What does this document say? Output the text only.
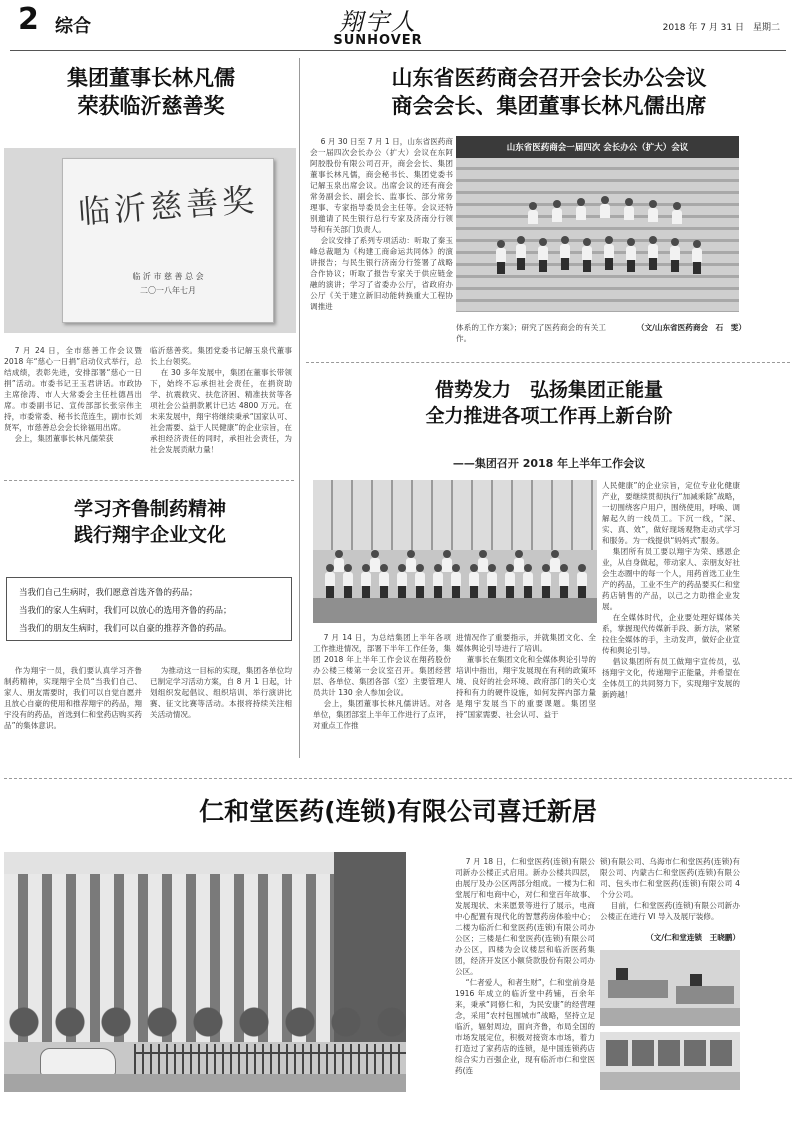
2 综合	翔宇人
SUNHOVER
2018 年 7 月 31 日　星期二
集团董事长林凡儒
荣获临沂慈善奖
临沂慈善奖
临 沂 市 慈 善 总 会
二〇一八年七月

7 月 24 日，全市慈善工作会议暨 2018 年“慈心一日捐”启动仪式举行，总结成绩，表彰先进，安排部署“慈心一日捐”活动。市委书记王玉君讲话。市政协主席徐涛、市人大常委会主任杜德昌出席。市委副书记、宣传部部长张宗伟主持，市委常委、秘书长范连生，副市长刘贤军，市慈善总会会长徐福用出席。

会上，集团董事长林凡儒荣获

临沂慈善奖。集团党委书记解玉泉代董事长上台领奖。

在 30 多年发展中，集团在董事长带领下，始终不忘承担社会责任，在捐资助学、抗震救灾、扶危济困、精准扶贫等各项社会公益捐款累计已达 4800 万元。在未来发展中，翔宇将继续秉承“国家认可、社会需要、益于人民健康”的企业宗旨，在承担经济责任的同时，承担社会责任，为社会发展贡献力量！

学习齐鲁制药精神
践行翔宇企业文化
当我们自己生病时，我们愿意首选齐鲁的药品；
当我们的家人生病时，我们可以放心的选用齐鲁的药品；
当我们的朋友生病时，我们可以自豪的推荐齐鲁的药品。

作为翔宇一员，我们要认真学习齐鲁制药精神，实现翔宇全员“当我们自己、家人、朋友需要时，我们可以自觉自愿并且放心自豪的使用和推荐翔宇的药品，翔宇没有的药品，首选到仁和堂药店购买药品”的集体意识。

为推动这一目标的实现，集团各单位均已制定学习活动方案，自 8 月 1 日起，计划组织发起倡议、组织培训、举行演讲比赛、征文比赛等活动。本报将持续关注相关活动情况。

山东省医药商会召开会长办公会议
商会会长、集团董事长林凡儒出席

6 月 30 日至 7 月 1 日，山东省医药商会一届四次会长办公（扩大）会议在东阿阿胶股份有限公司召开，商会会长、集团董事长林凡儒，商会秘书长、集团党委书记解玉泉出席会议。出席会议的还有商会常务副会长、副会长、监事长、部分常务理事、专家指导委员会主任等。会议还特别邀请了民生银行总行专家及济南分行领导和有关部门负责人。

会议安排了系列专项活动：听取了秦玉峰总裁题为《构建工商命运共同体》的演讲报告；与民生银行济南分行签署了战略合作协议；听取了报告专家关于供应链金融的演讲；学习了省委办公厅，省政府办公厅《关于建立新旧动能转换重大工程协调推进

山东省医药商会一届四次 会长办公（扩大）会议

体系的工作方案》；研究了医药商会的有关工作。

（文/山东省医药商会　石　雯）
借势发力　弘扬集团正能量
全力推进各项工作再上新台阶
——集团召开 2018 年上半年工作会议

人民健康”的企业宗旨，定位专业化健康产业，要继续贯彻执行“加减乘除”战略，一切围绕客户用户，围绕使用，呼唤、调解起久的一线员工。下沉一线，“深、实、真、效”，做好现场观物走动式学习和服务。为一线提供“妈妈式”服务。

集团所有员工要以翔宇为荣、感恩企业，从自身做起，带动家人、亲朋友好社会生态圈中的每一个人，用药首选工业生产的药品，工业不生产的药品要买仁和堂药店销售的产品，以己之力助推企业发展。

在全媒体时代，企业要处理好媒体关系，掌握现代传媒新手段、新方法，紧紧拉住全媒体的手，主动发声，做好企业宣传和舆论引导。

倡议集团所有员工做翔宇宣传员，弘扬翔宇文化，传递翔宇正能量，并希望在全体员工的共同努力下，实现翔宇发展的新跨越！

7 月 14 日，为总结集团上半年各项工作推进情况，部署下半年工作任务，集团 2018 年上半年工作会议在翔药股份办公楼三楼第一会议室召开。集团经营层、各单位、集团各部（室）主要管理人员共计 130 余人参加会议。

会上，集团董事长林凡儒讲话。对各单位，集团部室上半年工作进行了点评，对重点工作推

进情况作了重要指示，并就集团文化、全媒体舆论引导进行了培训。

董事长在集团文化和全媒体舆论引导的培训中指出，翔宇发展现在有利的政策环境、良好的社会环境、政府部门的关心支持和有力的硬件设施，如何发挥内部力量是翔宇发展当下的重要课题。集团坚持“国家需要、社会认可、益于

仁和堂医药(连锁)有限公司喜迁新居

7 月 18 日，仁和堂医药(连锁)有限公司新办公楼正式启用。新办公楼共四层，由展厅及办公区两部分组成。一楼为仁和堂展厅和电商中心，对仁和堂百年故事、发展现状、未来愿景等进行了展示，电商中心配置有现代化的智慧药房体验中心；二楼为临沂仁和堂医药(连锁)有限公司办公区；三楼是仁和堂医药(连锁)有限公司办公区，四楼为会议楼层和临沂医药集团，经济开发区小额贷款股份有限公司办公区。

“仁者爱人，和者生财”，仁和堂前身是 1916 年成立的临沂堂中药铺，百余年来，秉承“同修仁和，为民安康”的经营理念，采用“农村包围城市”战略，坚持立足临沂，辐射周边，面向齐鲁，布局全国的市场发展定位，积极对接资本市场，着力打造过了家药店的连锁，是中国连锁药店综合实力百强企业，现有临沂市仁和堂医药(连

锁)有限公司、乌海市仁和堂医药(连锁)有限公司、内蒙古仁和堂医药(连锁)有限公司、包头市仁和堂医药(连锁)有限公司 4 个分公司。

目前，仁和堂医药(连锁)有限公司新办公楼正在进行 VI 导入及展厅装修。

（文/仁和堂连锁　王晓鹏）
